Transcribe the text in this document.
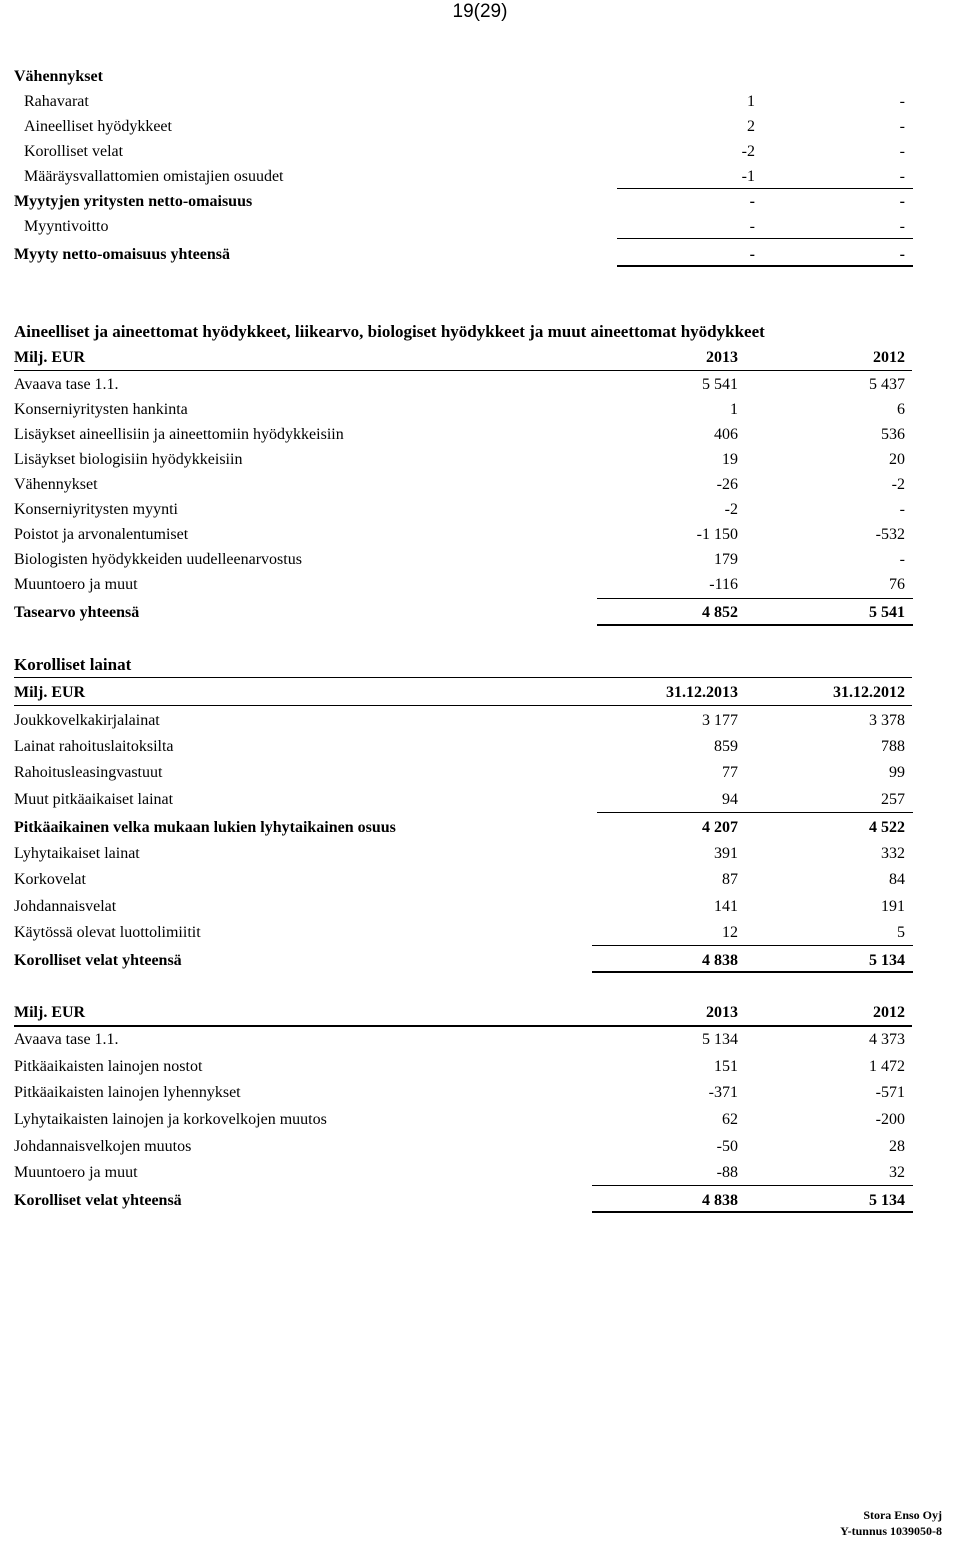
19(29)
Vähennykset
Rahavarat	1	-
Aineelliset hyödykkeet	2	-
Korolliset velat	-2	-
Määräysvallattomien omistajien osuudet	-1	-
Myytyjen yritysten netto-omaisuus	-	-
Myyntivoitto	-	-
Myyty netto-omaisuus yhteensä	-	-
Aineelliset ja aineettomat hyödykkeet, liikearvo, biologiset hyödykkeet ja muut aineettomat hyödykkeet
Milj. EUR	2013	2012
Avaava tase 1.1.	5 541	5 437
Konserniyritysten hankinta	1	6
Lisäykset aineellisiin ja aineettomiin hyödykkeisiin	406	536
Lisäykset biologisiin hyödykkeisiin	19	20
Vähennykset	-26	-2
Konserniyritysten myynti	-2	-
Poistot ja arvonalentumiset	-1 150	-532
Biologisten hyödykkeiden uudelleenarvostus	179	-
Muuntoero ja muut	-116	76
Tasearvo yhteensä	4 852	5 541
Korolliset lainat
Milj. EUR	31.12.2013	31.12.2012
Joukkovelkakirjalainat	3 177	3 378
Lainat rahoituslaitoksilta	859	788
Rahoitusleasingvastuut	77	99
Muut pitkäaikaiset lainat	94	257
Pitkäaikainen velka mukaan lukien lyhytaikainen osuus	4 207	4 522
Lyhytaikaiset lainat	391	332
Korkovelat	87	84
Johdannaisvelat	141	191
Käytössä olevat luottolimiitit	12	5
Korolliset velat yhteensä	4 838	5 134
Milj. EUR	2013	2012
Avaava tase 1.1.	5 134	4 373
Pitkäaikaisten lainojen nostot	151	1 472
Pitkäaikaisten lainojen lyhennykset	-371	-571
Lyhytaikaisten lainojen ja korkovelkojen muutos	62	-200
Johdannaisvelkojen muutos	-50	28
Muuntoero ja muut	-88	32
Korolliset velat yhteensä	4 838	5 134
Stora Enso Oyj
Y-tunnus 1039050-8
